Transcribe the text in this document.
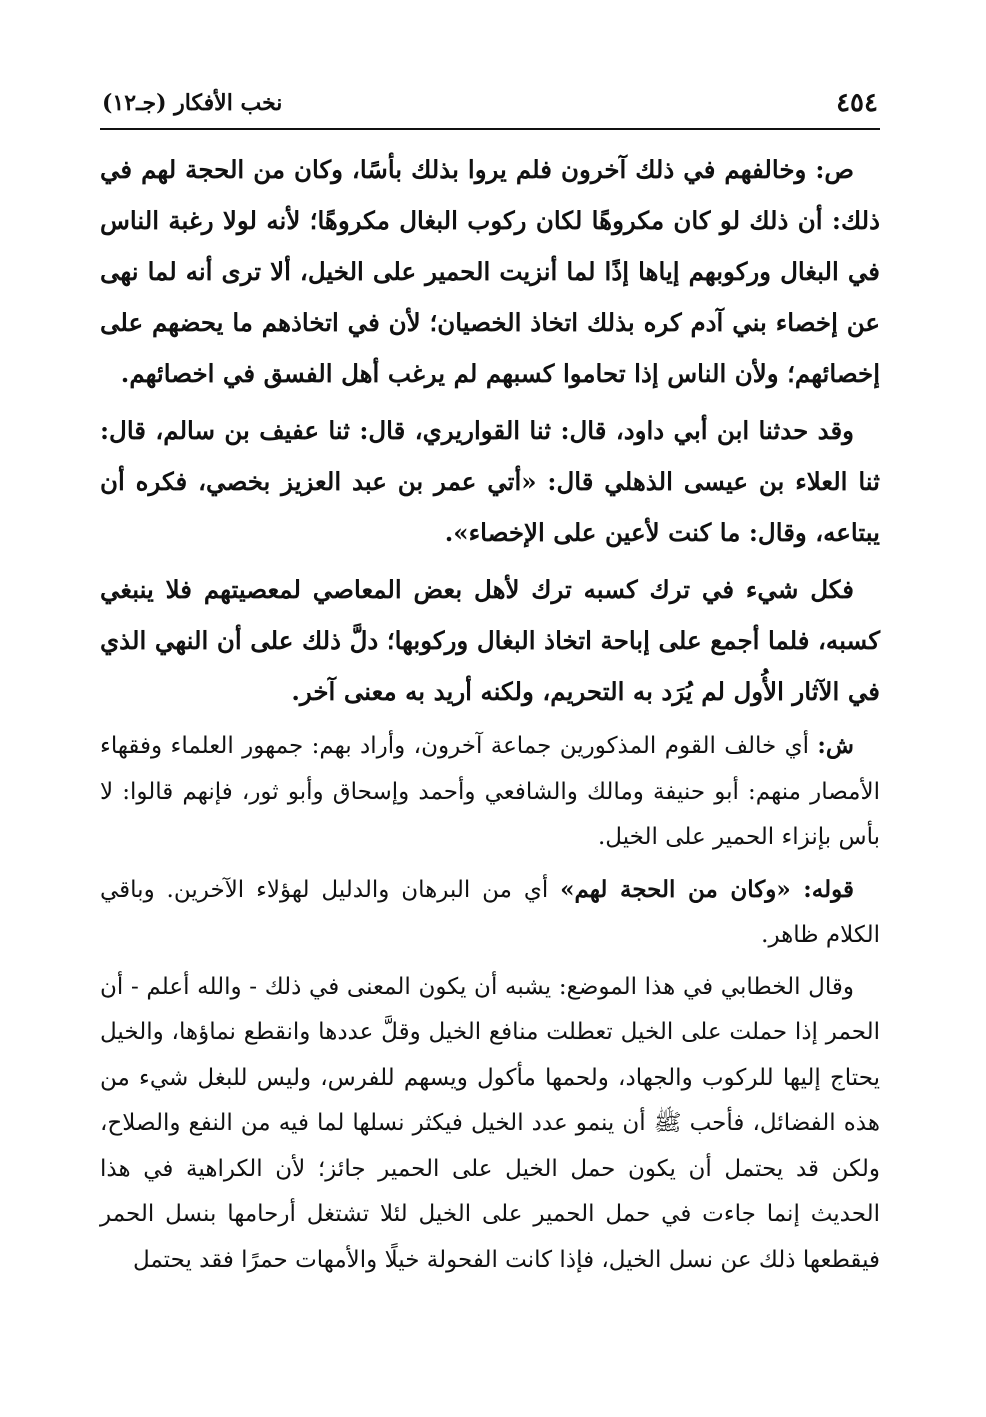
٤٥٤
نخب الأفكار (جـ١٢)

ص: وخالفهم في ذلك آخرون فلم يروا بذلك بأسًا، وكان من الحجة لهم في ذلك: أن ذلك لو كان مكروهًا لكان ركوب البغال مكروهًا؛ لأنه لولا رغبة الناس في البغال وركوبهم إياها إذًا لما أنزيت الحمير على الخيل، ألا ترى أنه لما نهى عن إخصاء بني آدم كره بذلك اتخاذ الخصيان؛ لأن في اتخاذهم ما يحضهم على إخصائهم؛ ولأن الناس إذا تحاموا كسبهم لم يرغب أهل الفسق في اخصائهم.

وقد حدثنا ابن أبي داود، قال: ثنا القواريري، قال: ثنا عفيف بن سالم، قال: ثنا العلاء بن عيسى الذهلي قال: «أتي عمر بن عبد العزيز بخصي، فكره أن يبتاعه، وقال: ما كنت لأعين على الإخصاء».

فكل شيء في ترك كسبه ترك لأهل بعض المعاصي لمعصيتهم فلا ينبغي كسبه، فلما أجمع على إباحة اتخاذ البغال وركوبها؛ دلَّ ذلك على أن النهي الذي في الآثار الأُول لم يُرَد به التحريم، ولكنه أريد به معنى آخر.

ش: أي خالف القوم المذكورين جماعة آخرون، وأراد بهم: جمهور العلماء وفقهاء الأمصار منهم: أبو حنيفة ومالك والشافعي وأحمد وإسحاق وأبو ثور، فإنهم قالوا: لا بأس بإنزاء الحمير على الخيل.

قوله: «وكان من الحجة لهم» أي من البرهان والدليل لهؤلاء الآخرين. وباقي الكلام ظاهر.

وقال الخطابي في هذا الموضع: يشبه أن يكون المعنى في ذلك - والله أعلم - أن الحمر إذا حملت على الخيل تعطلت منافع الخيل وقلَّ عددها وانقطع نماؤها، والخيل يحتاج إليها للركوب والجهاد، ولحمها مأكول ويسهم للفرس، وليس للبغل شيء من هذه الفضائل، فأحب ﷺ أن ينمو عدد الخيل فيكثر نسلها لما فيه من النفع والصلاح، ولكن قد يحتمل أن يكون حمل الخيل على الحمير جائز؛ لأن الكراهية في هذا الحديث إنما جاءت في حمل الحمير على الخيل لئلا تشتغل أرحامها بنسل الحمر فيقطعها ذلك عن نسل الخيل، فإذا كانت الفحولة خيلًا والأمهات حمرًا فقد يحتمل
